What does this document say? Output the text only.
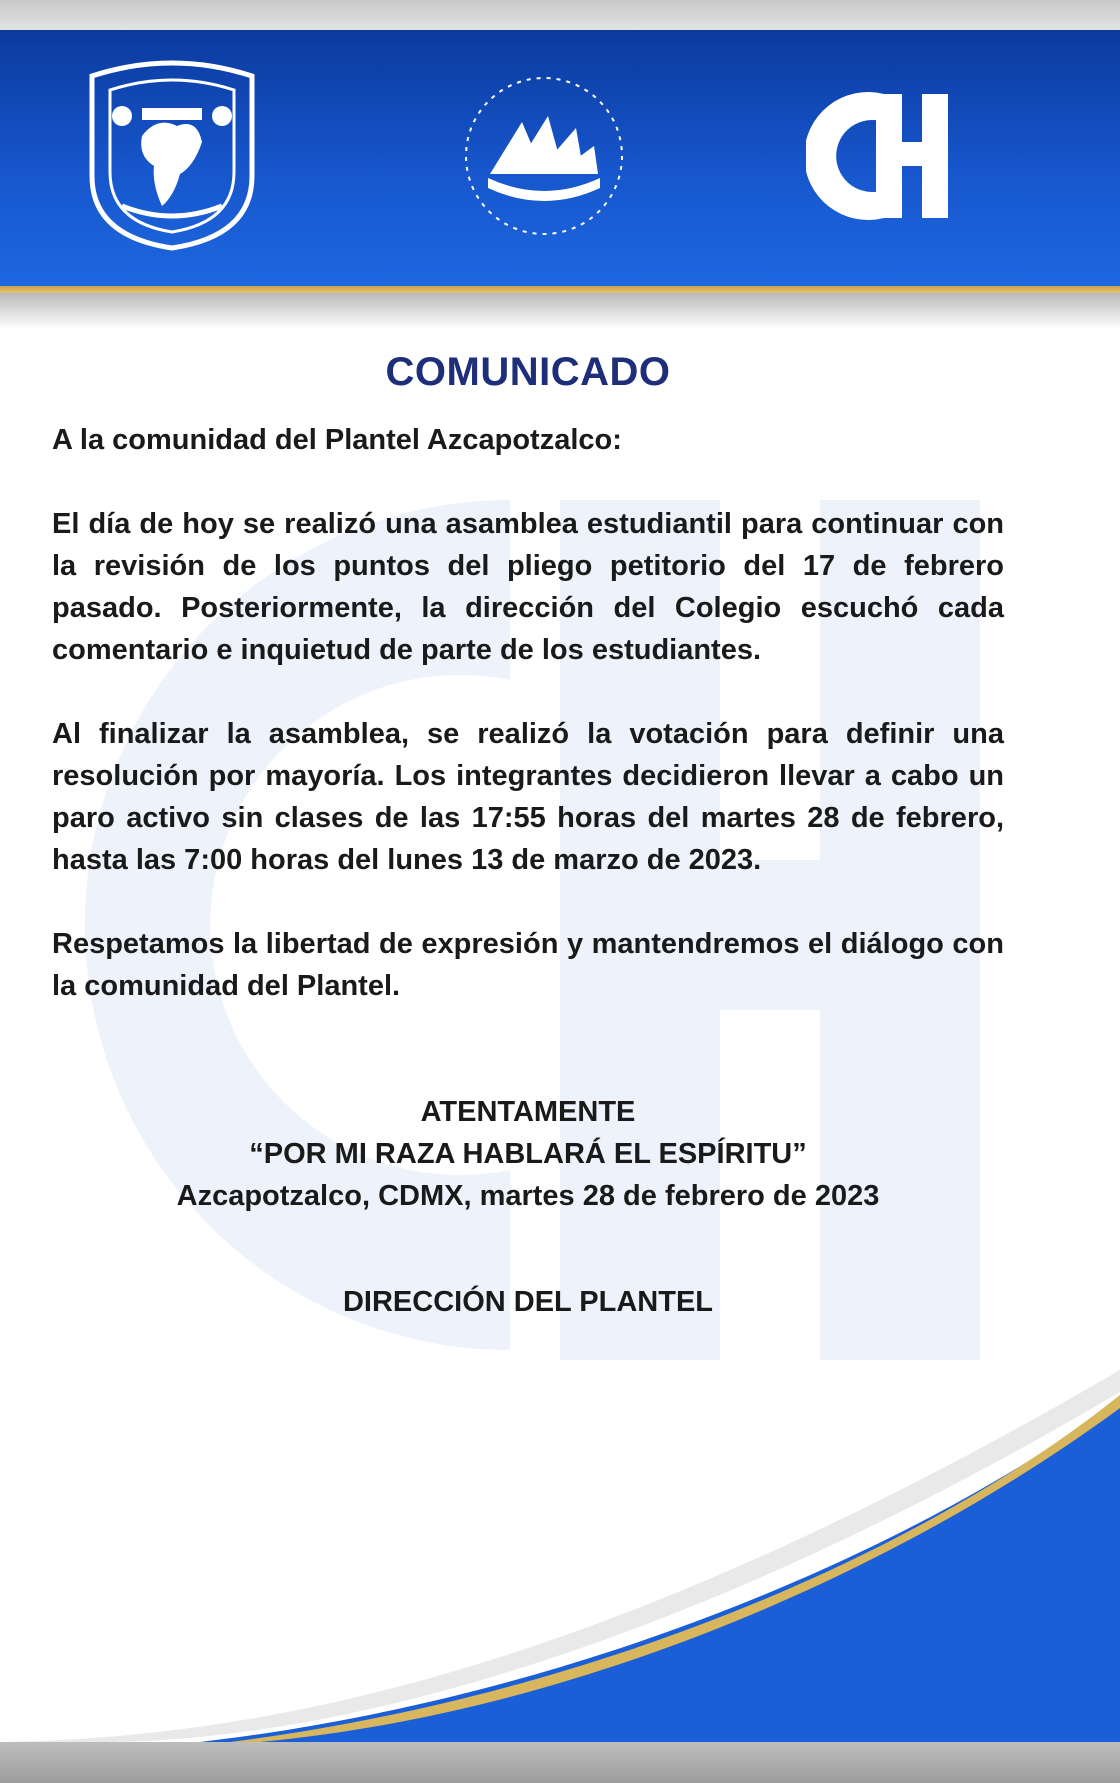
COMUNICADO

A la comunidad del Plantel Azcapotzalco:

El día de hoy se realizó una asamblea estudiantil para continuar con la revisión de los puntos del pliego petitorio del 17 de febrero pasado. Posteriormente, la dirección del Colegio escuchó cada comentario e inquietud de parte de los estudiantes.

Al finalizar la asamblea, se realizó la votación para definir una resolución por mayoría. Los integrantes decidieron llevar a cabo un paro activo sin clases de las 17:55 horas del martes 28 de febrero, hasta las 7:00 horas del lunes 13 de marzo de 2023.

Respetamos la libertad de expresión y mantendremos el diálogo con la comunidad del Plantel.

ATENTAMENTE
“POR MI RAZA HABLARÁ EL ESPÍRITU”
Azcapotzalco, CDMX, martes 28 de febrero de 2023
DIRECCIÓN DEL PLANTEL
